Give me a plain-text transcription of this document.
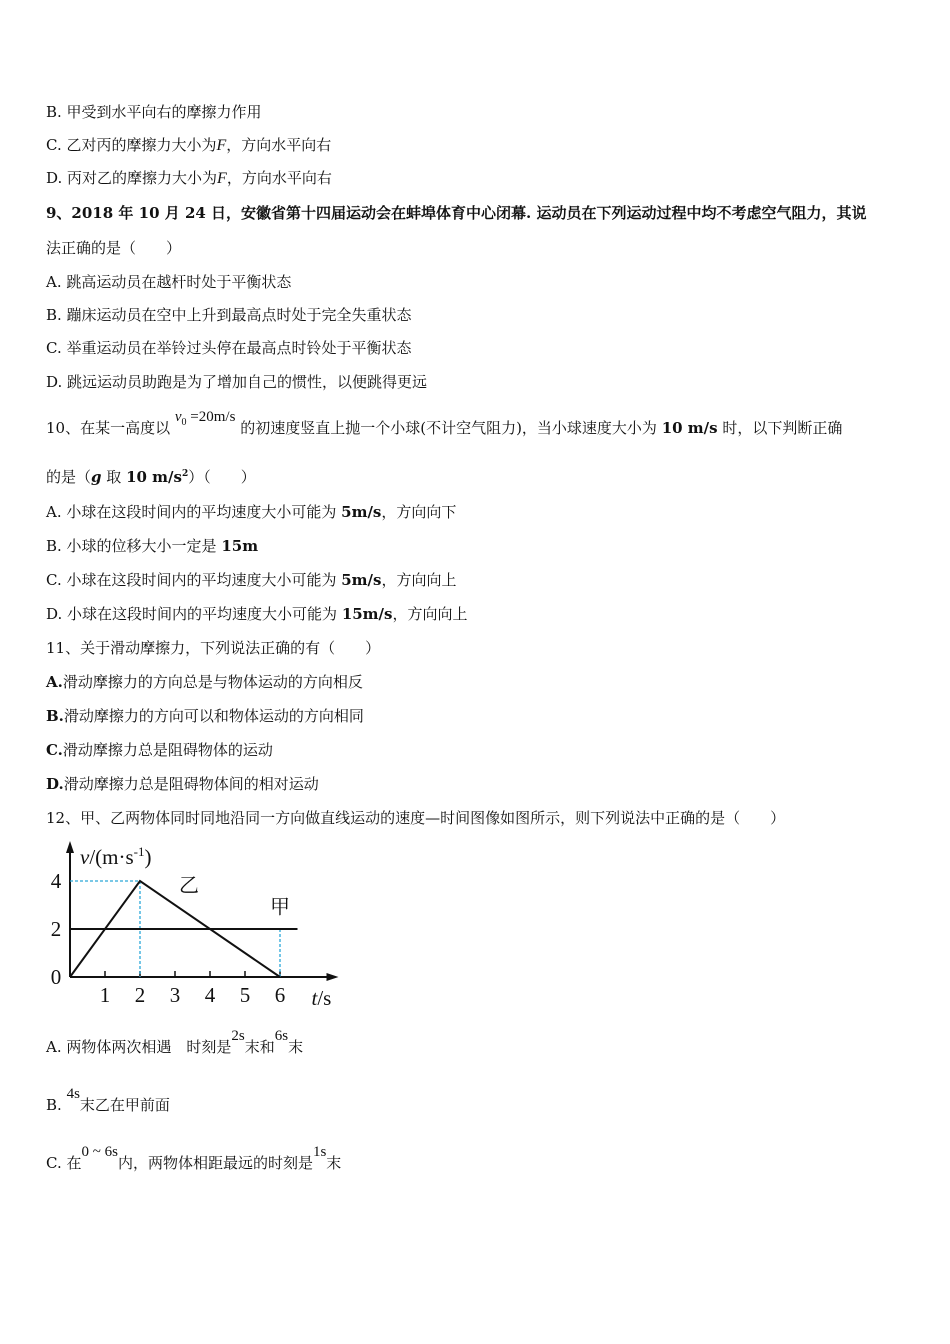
B. 甲受到水平向右的摩擦力作用
C. 乙对丙的摩擦力大小为F，方向水平向右
D. 丙对乙的摩擦力大小为F，方向水平向右
9、2018 年 10 月 24 日，安徽省第十四届运动会在蚌埠体育中心闭幕. 运动员在下列运动过程中均不考虑空气阻力，其说
法正确的是（　　）
A. 跳高运动员在越杆时处于平衡状态
B. 蹦床运动员在空中上升到最高点时处于完全失重状态
C. 举重运动员在举铃过头停在最高点时铃处于平衡状态
D. 跳远运动员助跑是为了增加自己的惯性，以便跳得更远
10、在某一高度以 $v_0 =20m/s$ 的初速度竖直上抛一个小球(不计空气阻力)，当小球速度大小为 10 m/s 时，以下判断正确
的是（g 取 10 $m/s^2$）（　　）
A. 小球在这段时间内的平均速度大小可能为 5m/s，方向向下
B. 小球的位移大小一定是 15m
C. 小球在这段时间内的平均速度大小可能为 5m/s，方向向上
D. 小球在这段时间内的平均速度大小可能为 15m/s，方向向上
11、关于滑动摩擦力，下列说法正确的有（　　）
A.滑动摩擦力的方向总是与物体运动的方向相反
B.滑动摩擦力的方向可以和物体运动的方向相同
C.滑动摩擦力总是阻碍物体的运动
D.滑动摩擦力总是阻碍物体间的相对运动
12、甲、乙两物体同时同地沿同一方向做直线运动的速度—时间图像如图所示，则下列说法中正确的是（　　）
1 2 3 4 5 6
2
4
0
甲
乙
$v/(m\cdot s^{-1})$
t/s
A. 两物体两次相遇　时刻是2s末和6s末
B. 4s末乙在甲前面
C. 在0 ~ 6s内，两物体相距最远的时刻是1s末
